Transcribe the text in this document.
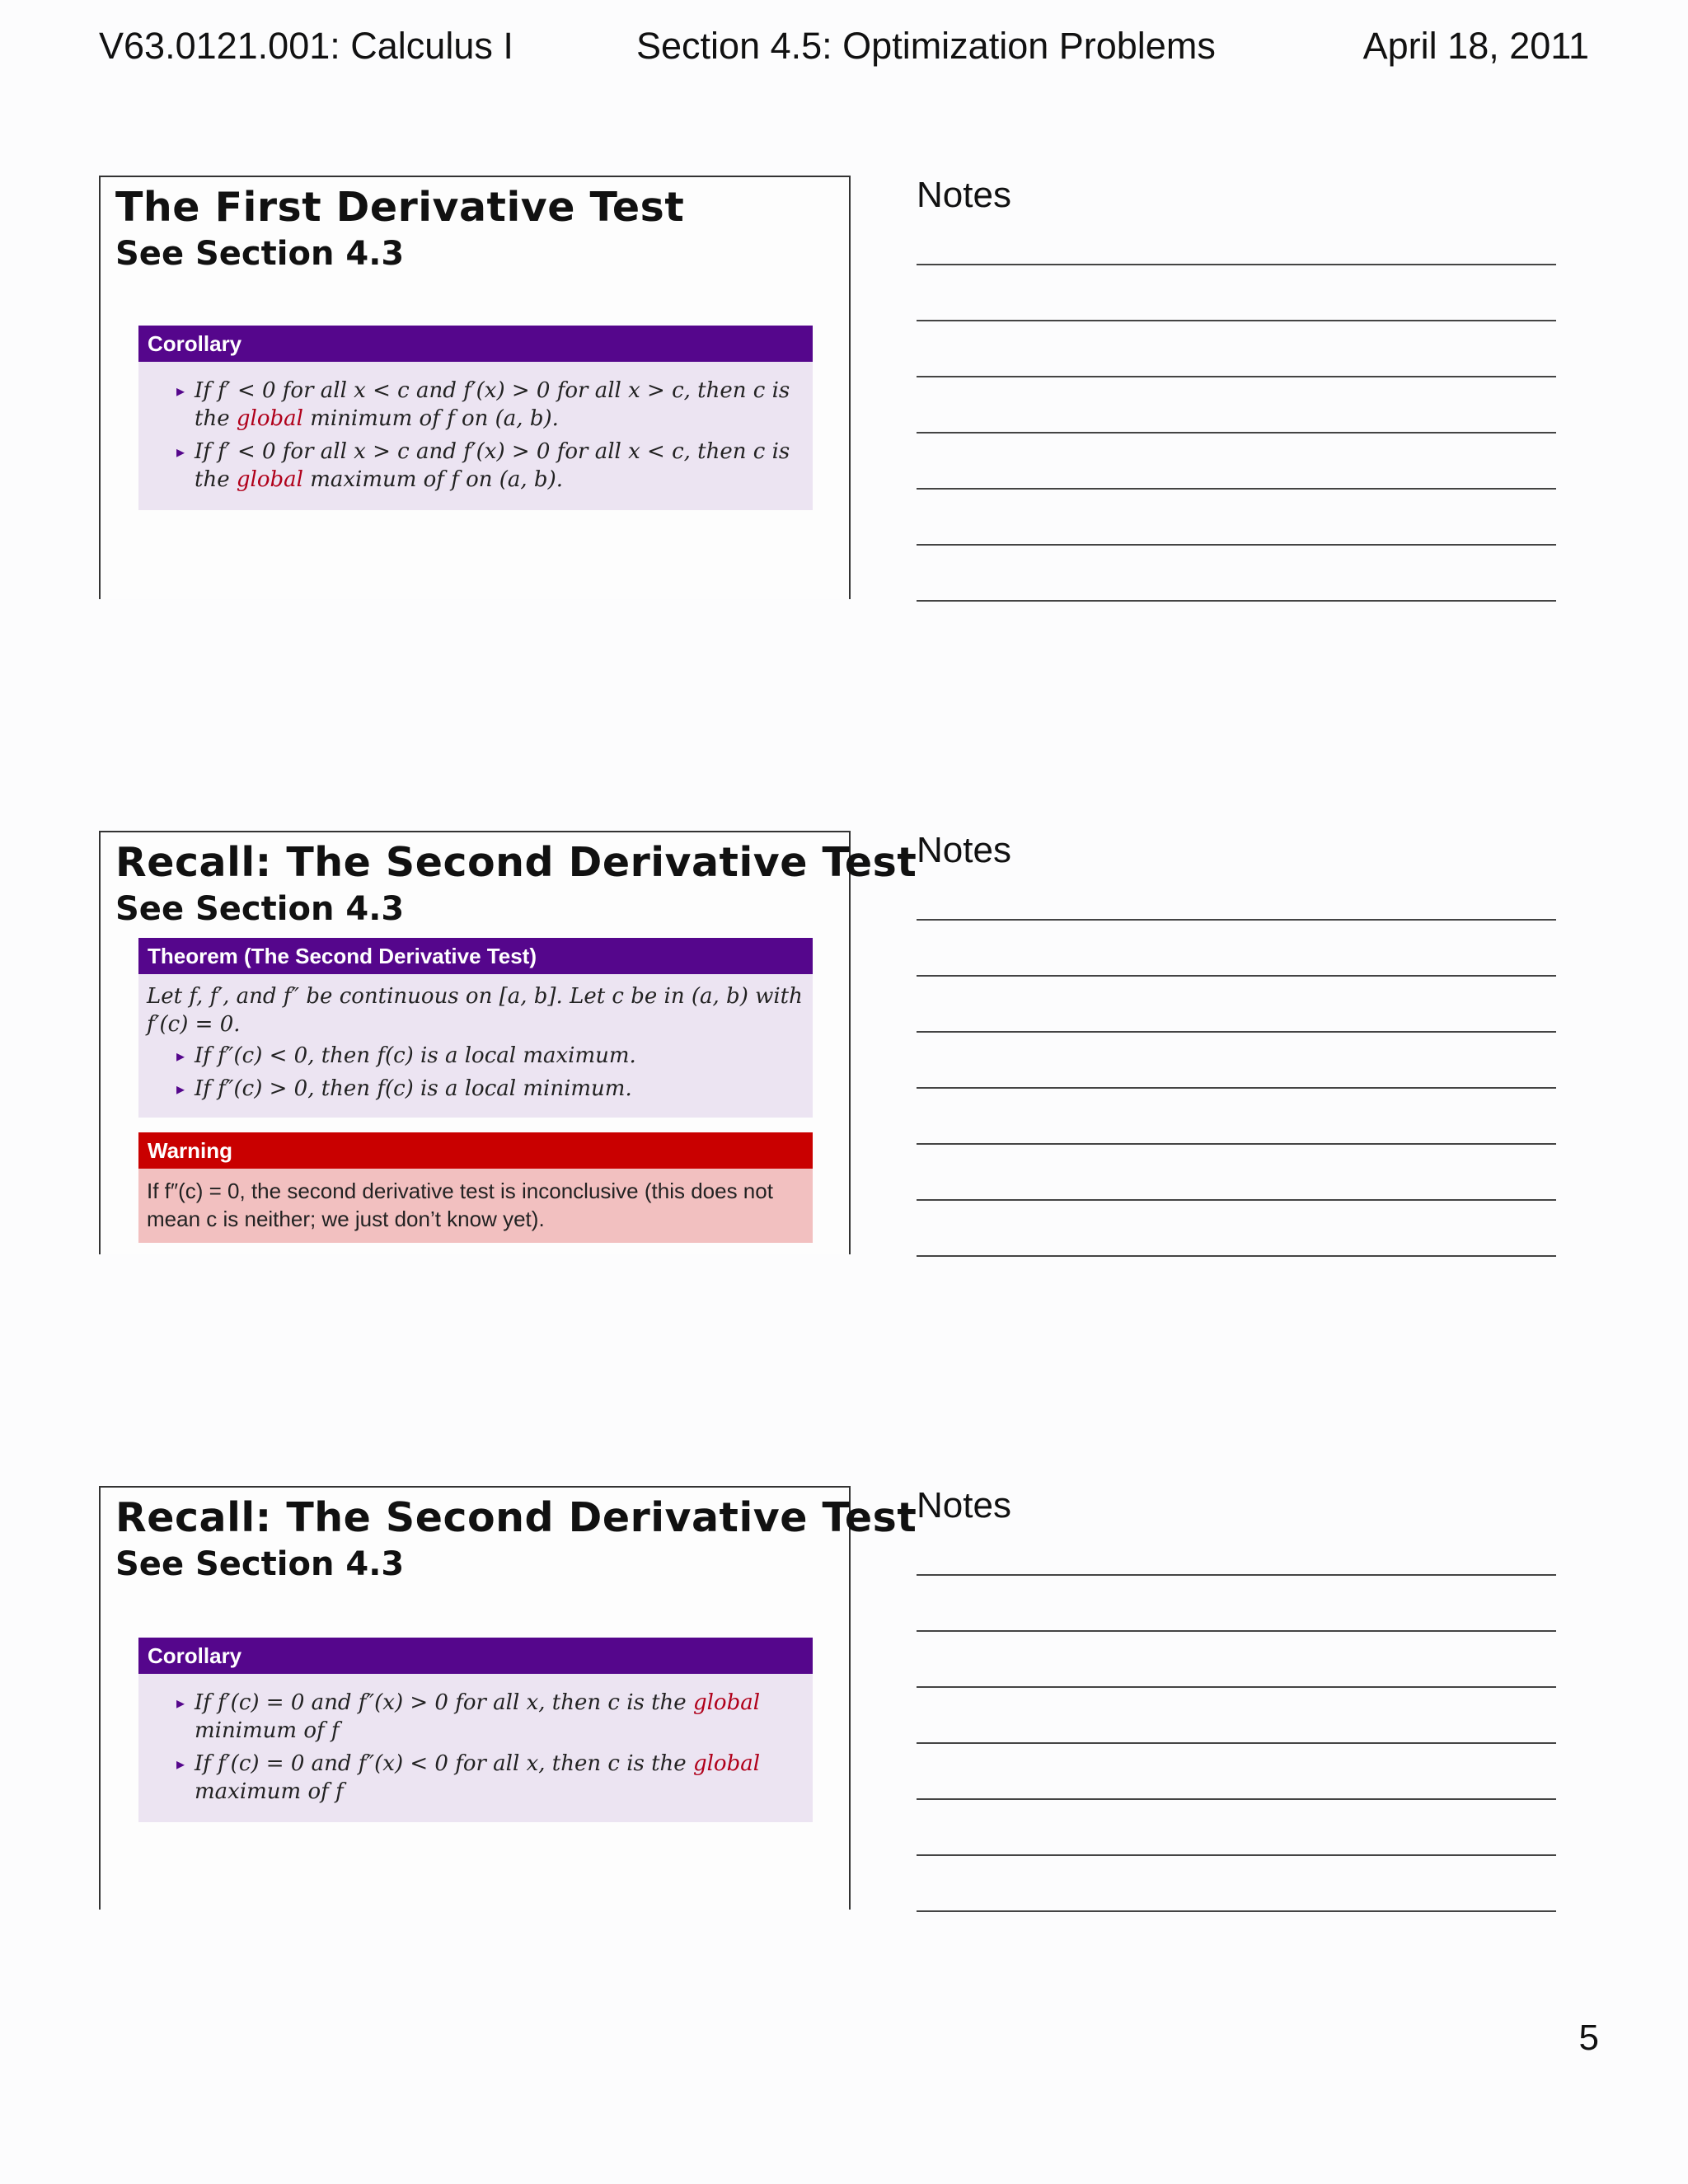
V63.0121.001: Calculus I	Section 4.5: Optimization Problems	April 18, 2011
The First Derivative Test
See Section 4.3
Corollary
▸ If f′ < 0 for all x < c and f′(x) > 0 for all x > c, then c is the global minimum of f on (a, b).
▸ If f′ < 0 for all x > c and f′(x) > 0 for all x < c, then c is the global maximum of f on (a, b).
Recall: The Second Derivative Test
See Section 4.3
Theorem (The Second Derivative Test)
Let f, f′, and f″ be continuous on [a, b]. Let c be in (a, b) with f′(c) = 0.
▸ If f″(c) < 0, then f(c) is a local maximum.
▸ If f″(c) > 0, then f(c) is a local minimum.
Warning
If f″(c) = 0, the second derivative test is inconclusive (this does not mean c is neither; we just don’t know yet).
Recall: The Second Derivative Test
See Section 4.3
Corollary
▸ If f′(c) = 0 and f″(x) > 0 for all x, then c is the global minimum of f
▸ If f′(c) = 0 and f″(x) < 0 for all x, then c is the global maximum of f
Notes
Notes
Notes
5
